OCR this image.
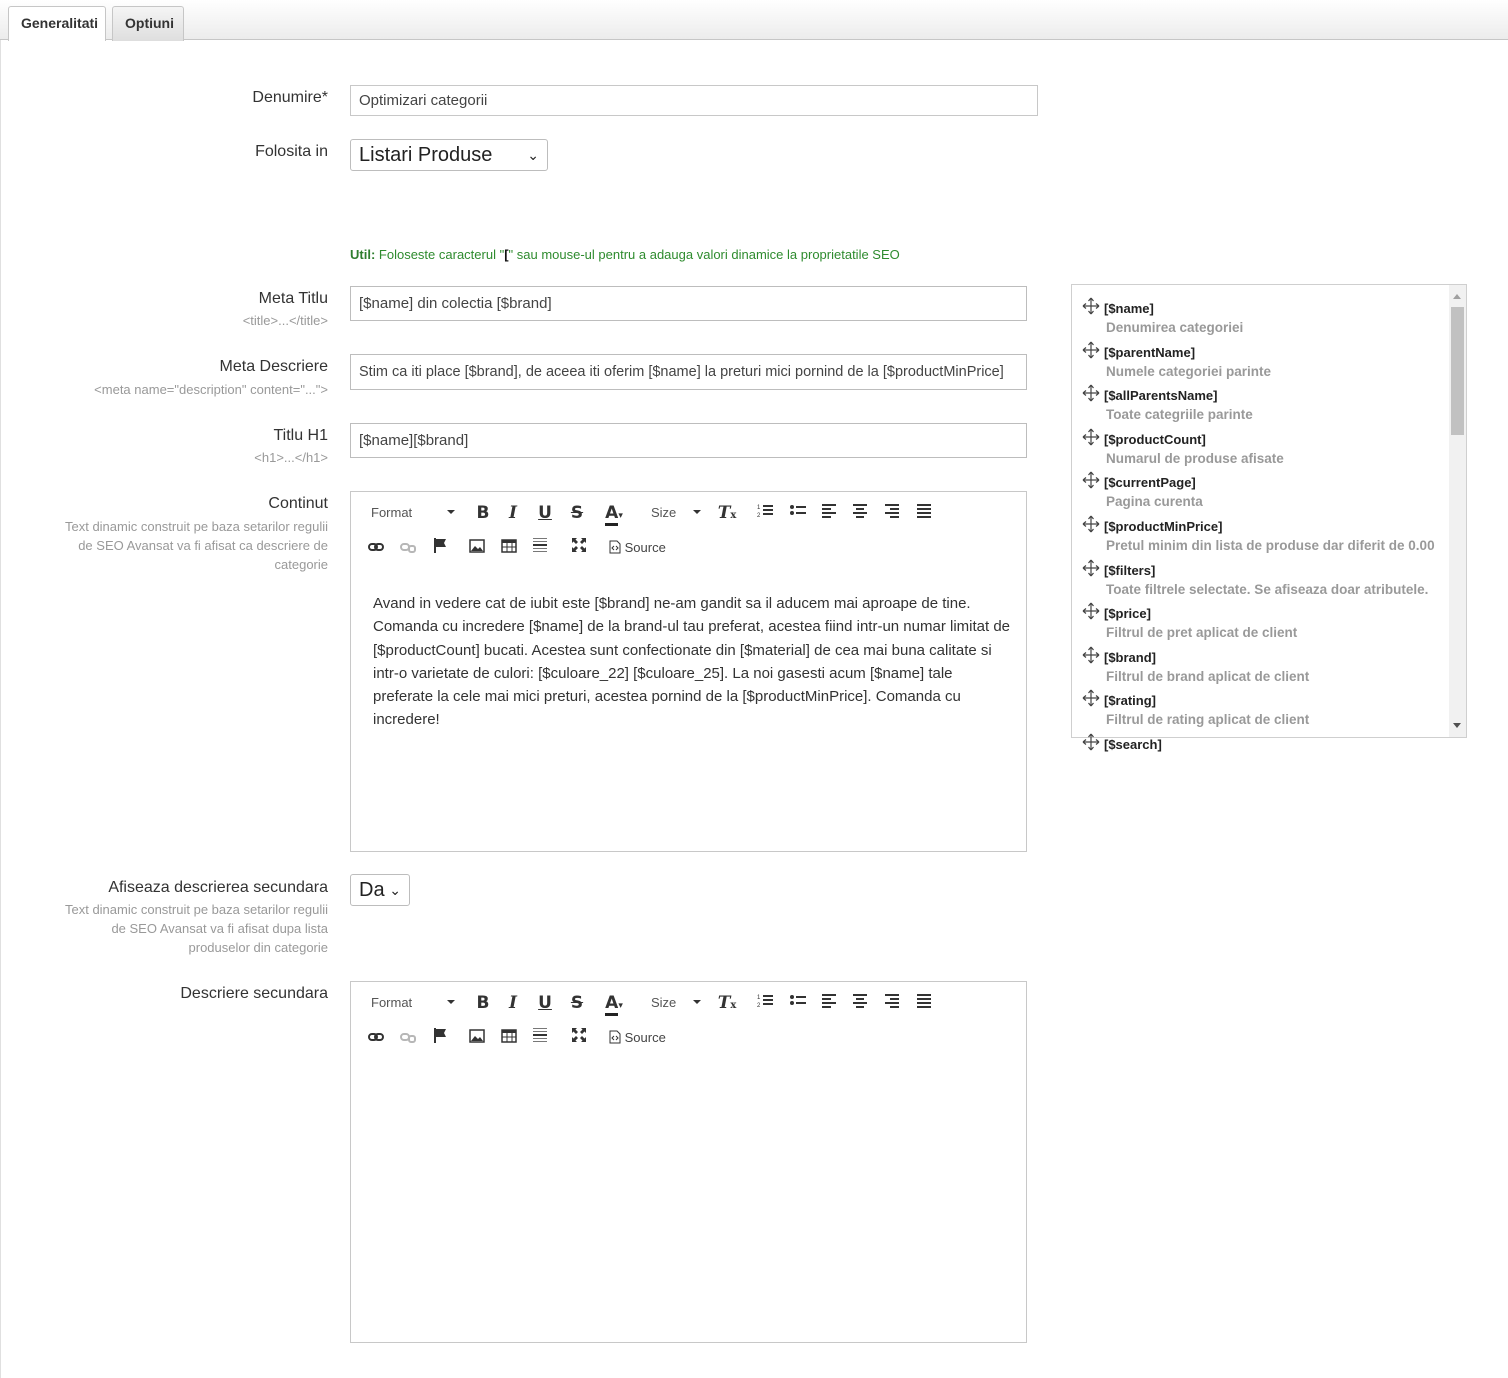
Generalitati	Optiuni
Denumire*
Optimizari categorii
Folosita in	Listari Produse ⌄
Util: Foloseste caracterul "[" sau mouse-ul pentru a adauga valori dinamice la proprietatile SEO
Meta Titlu
<title>...</title>
[$name] din colectia [$brand]
Meta Descriere
<meta name="description" content="...">
Stim ca iti place [$brand], de aceea iti oferim [$name] la preturi mici pornind de la [$productMinPrice]
Titlu H1
<h1>...</h1>
[$name][$brand]
Continut
Text dinamic construit pe baza setarilor regulii de SEO Avansat va fi afisat ca descriere de categorie
Format	B	I	U	S	A▾	Size	Tx
1
2
Source
Avand in vedere cat de iubit este [$brand] ne-am gandit sa il aducem mai aproape de tine. Comanda cu incredere [$name] de la brand-ul tau preferat, acestea fiind intr-un numar limitat de [$productCount] bucati. Acestea sunt confectionate din [$material] de cea mai buna calitate si intr-o varietate de culori: [$culoare_22] [$culoare_25]. La noi gasesti acum [$name] tale preferate la cele mai mici preturi, acestea pornind de la [$productMinPrice]. Comanda cu incredere!
[$name]
Denumirea categoriei
[$parentName]
Numele categoriei parinte
[$allParentsName]
Toate categriile parinte
[$productCount]
Numarul de produse afisate
[$currentPage]
Pagina curenta
[$productMinPrice]
Pretul minim din lista de produse dar diferit de 0.00
[$filters]
Toate filtrele selectate. Se afiseaza doar atributele.
[$price]
Filtrul de pret aplicat de client
[$brand]
Filtrul de brand aplicat de client
[$rating]
Filtrul de rating aplicat de client
[$search]
Afiseaza descrierea secundara
Text dinamic construit pe baza setarilor regulii de SEO Avansat va fi afisat dupa lista produselor din categorie
Da ⌄
Descriere secundara
Format	B	I	U	S	A▾	Size	Tx
1
2
Source
